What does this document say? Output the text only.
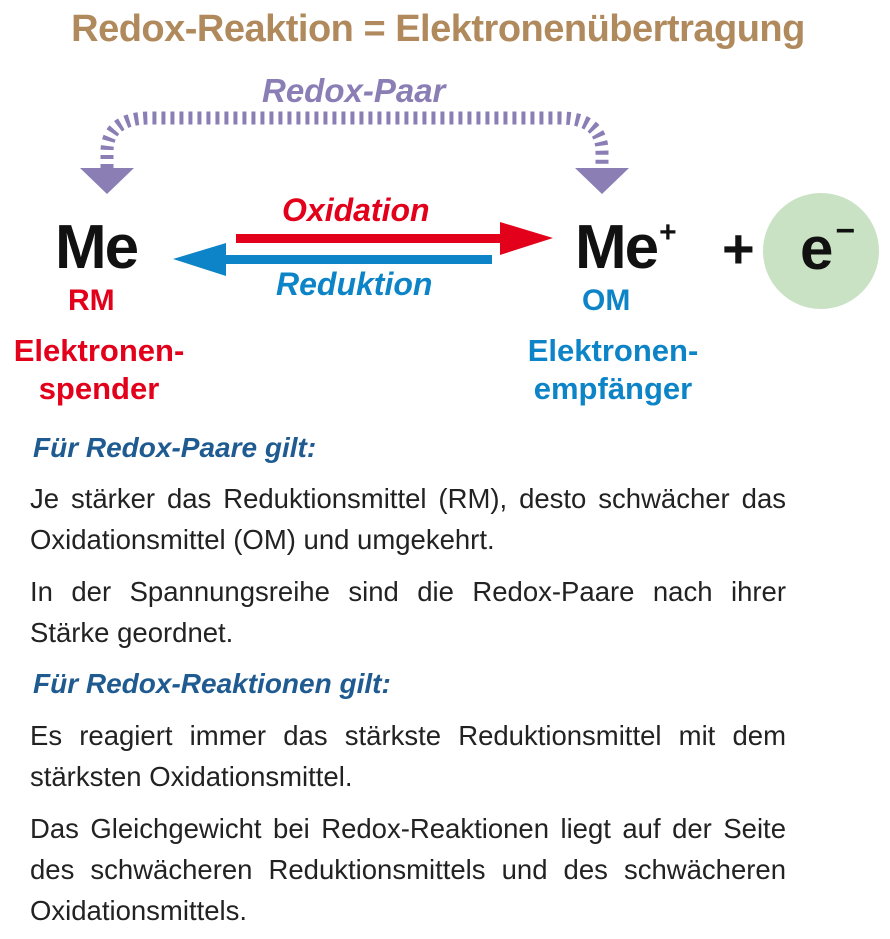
Redox-Reaktion = Elektronenübertragung
Redox-Paar
Oxidation
Reduktion
Me	Me+ + e−
RM	OM
Elektronen-
spender
Elektronen-
empfänger
Für Redox-Paare gilt:
Je stärker das Reduktionsmittel (RM), desto schwächer das Oxidationsmittel (OM) und umgekehrt.
In der Spannungsreihe sind die Redox-Paare nach ihrer Stärke geordnet.
Für Redox-Reaktionen gilt:
Es reagiert immer das stärkste Reduktionsmittel mit dem stärksten Oxidationsmittel.
Das Gleichgewicht bei Redox-Reaktionen liegt auf der Seite des schwächeren Reduktionsmittels und des schwächeren Oxidationsmittels.
